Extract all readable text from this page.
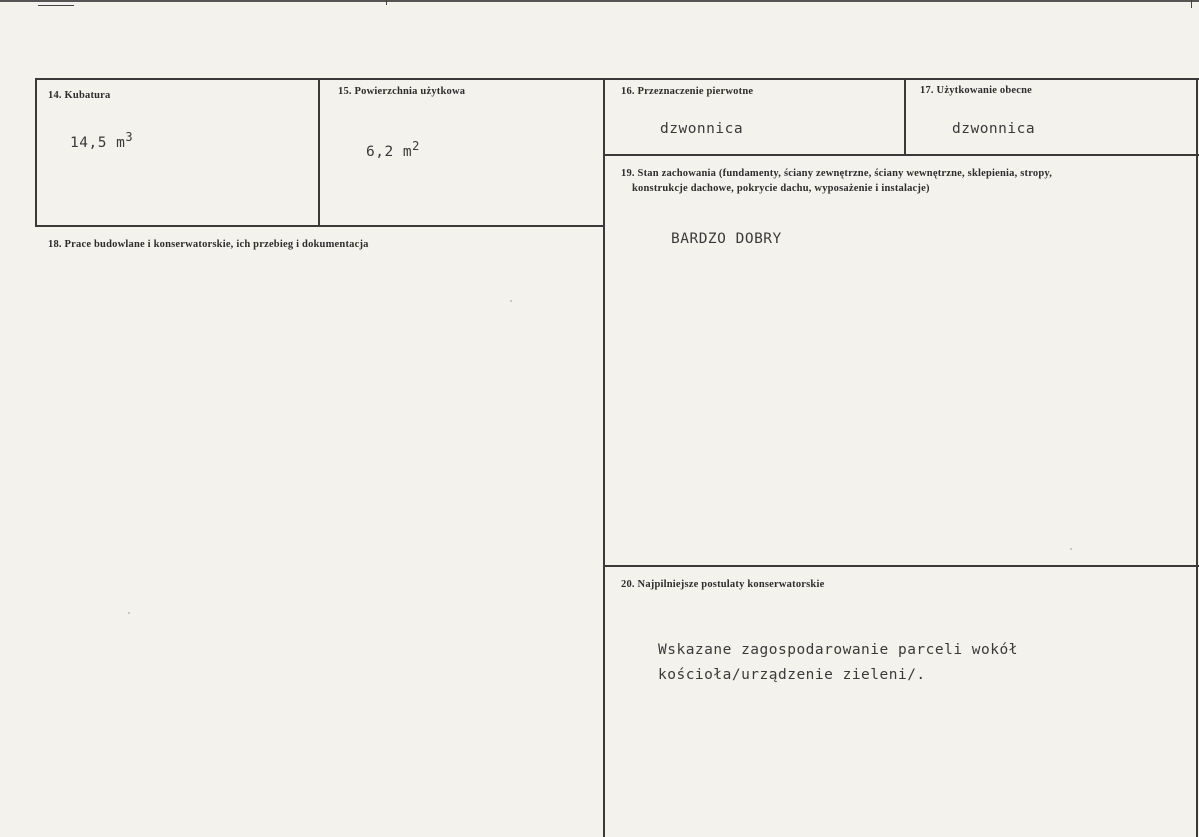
14. Kubatura
14,5 $m^3$
15. Powierzchnia użytkowa
6,2 $m^2$
16. Przeznaczenie pierwotne
dzwonnica
17. Użytkowanie obecne
dzwonnica
18. Prace budowlane i konserwatorskie, ich przebieg i dokumentacja
19. Stan zachowania (fundamenty, ściany zewnętrzne, ściany wewnętrzne, sklepienia, stropy,
konstrukcje dachowe, pokrycie dachu, wyposażenie i instalacje)
BARDZO DOBRY
20. Najpilniejsze postulaty konserwatorskie
Wskazane zagospodarowanie parceli wokół
kościoła/urządzenie zieleni/.
